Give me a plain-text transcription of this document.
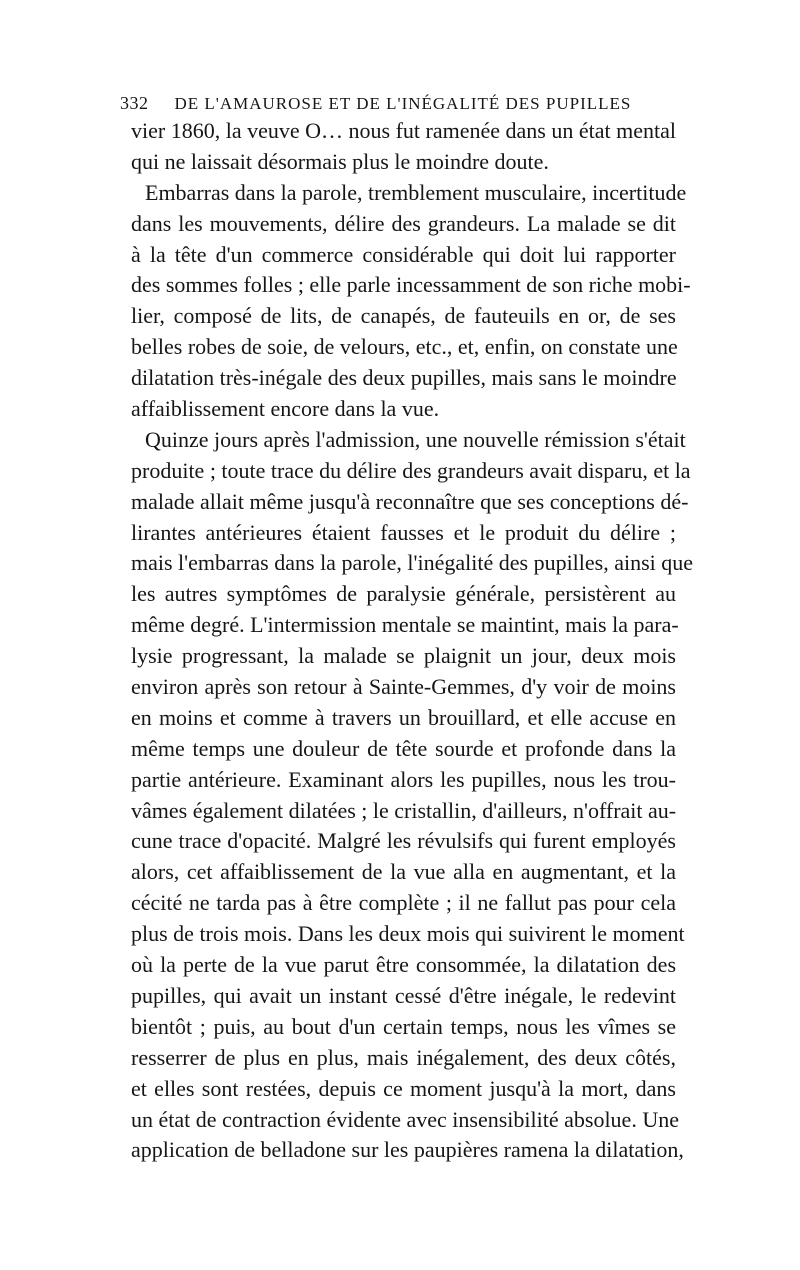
332 DE L'AMAUROSE ET DE L'INÉGALITÉ DES PUPILLES
vier 1860, la veuve O… nous fut ramenée dans un état mental
qui ne laissait désormais plus le moindre doute.
Embarras dans la parole, tremblement musculaire, incertitude
dans les mouvements, délire des grandeurs. La malade se dit
à la tête d'un commerce considérable qui doit lui rapporter
des sommes folles ; elle parle incessamment de son riche mobi-
lier, composé de lits, de canapés, de fauteuils en or, de ses
belles robes de soie, de velours, etc., et, enfin, on constate une
dilatation très-inégale des deux pupilles, mais sans le moindre
affaiblissement encore dans la vue.
Quinze jours après l'admission, une nouvelle rémission s'était
produite ; toute trace du délire des grandeurs avait disparu, et la
malade allait même jusqu'à reconnaître que ses conceptions dé-
lirantes antérieures étaient fausses et le produit du délire ;
mais l'embarras dans la parole, l'inégalité des pupilles, ainsi que
les autres symptômes de paralysie générale, persistèrent au
même degré. L'intermission mentale se maintint, mais la para-
lysie progressant, la malade se plaignit un jour, deux mois
environ après son retour à Sainte-Gemmes, d'y voir de moins
en moins et comme à travers un brouillard, et elle accuse en
même temps une douleur de tête sourde et profonde dans la
partie antérieure. Examinant alors les pupilles, nous les trou-
vâmes également dilatées ; le cristallin, d'ailleurs, n'offrait au-
cune trace d'opacité. Malgré les révulsifs qui furent employés
alors, cet affaiblissement de la vue alla en augmentant, et la
cécité ne tarda pas à être complète ; il ne fallut pas pour cela
plus de trois mois. Dans les deux mois qui suivirent le moment
où la perte de la vue parut être consommée, la dilatation des
pupilles, qui avait un instant cessé d'être inégale, le redevint
bientôt ; puis, au bout d'un certain temps, nous les vîmes se
resserrer de plus en plus, mais inégalement, des deux côtés,
et elles sont restées, depuis ce moment jusqu'à la mort, dans
un état de contraction évidente avec insensibilité absolue. Une
application de belladone sur les paupières ramena la dilatation,
